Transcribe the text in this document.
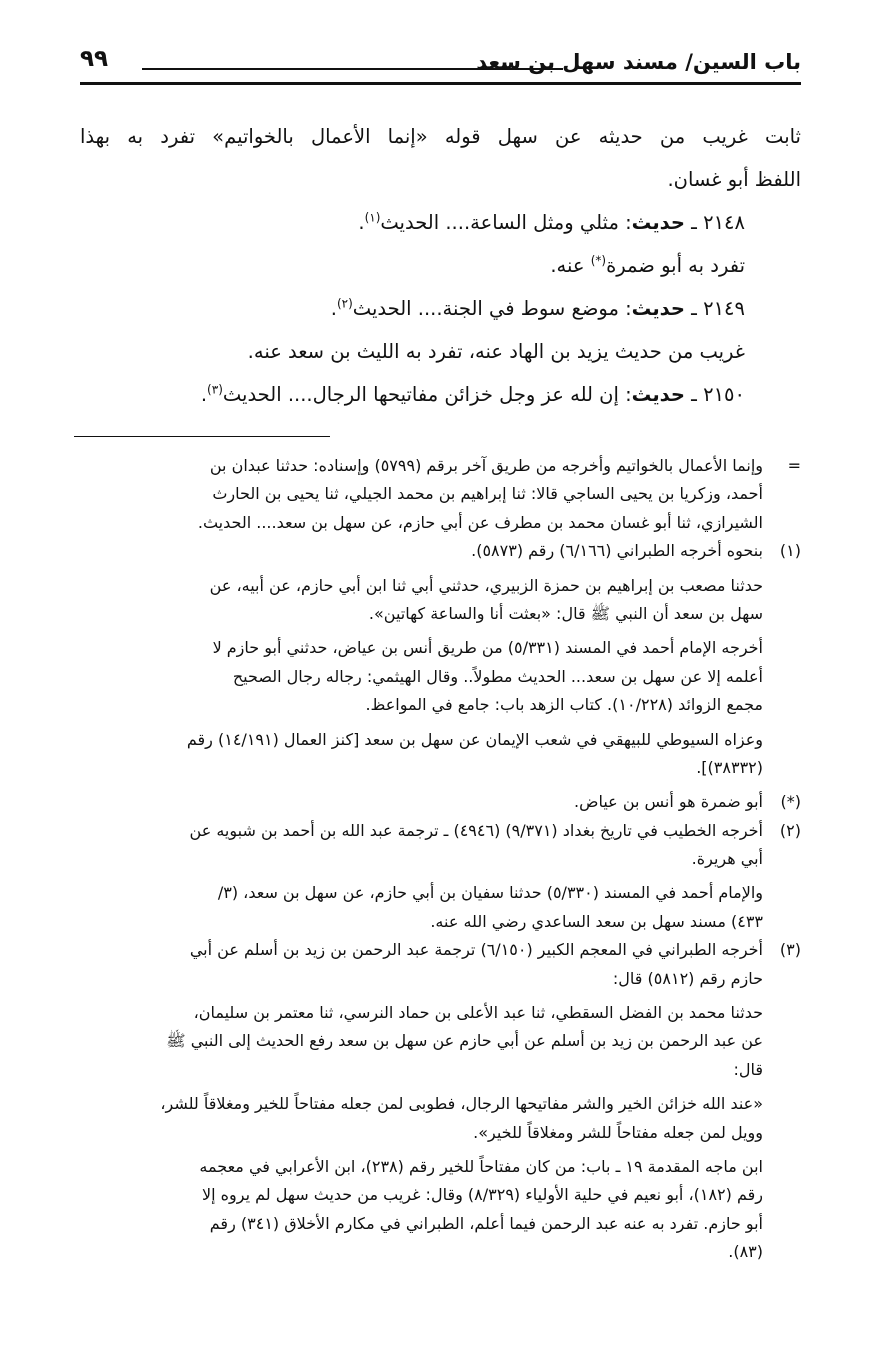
باب السين/ مسند سهل بن سعد
٩٩
ثابت غريب من حديثه عن سهل قوله «إنما الأعمال بالخواتيم» تفرد به بهذا
اللفظ أبو غسان.
٢١٤٨ ـ حديث: مثلي ومثل الساعة.... الحديث$^{(١)}$.
تفرد به أبو ضمرة(*) عنه.
٢١٤٩ ـ حديث: موضع سوط في الجنة.... الحديث$^{(٢)}$.
غريب من حديث يزيد بن الهاد عنه، تفرد به الليث بن سعد عنه.
٢١٥٠ ـ حديث: إن لله عز وجل خزائن مفاتيحها الرجال.... الحديث$^{(٣)}$.
=
وإنما الأعمال بالخواتيم وأخرجه من طريق آخر برقم (٥٧٩٩) وإسناده: حدثنا عبدان بن
أحمد، وزكريا بن يحيى الساجي قالا: ثنا إبراهيم بن محمد الجيلي، ثنا يحيى بن الحارث
الشيرازي، ثنا أبو غسان محمد بن مطرف عن أبي حازم، عن سهل بن سعد.... الحديث.
(١)
بنحوه أخرجه الطبراني (٦/١٦٦) رقم (٥٨٧٣).
حدثنا مصعب بن إبراهيم بن حمزة الزبيري، حدثني أبي ثنا ابن أبي حازم، عن أبيه، عن
سهل بن سعد أن النبي ﷺ قال: «بعثت أنا والساعة كهاتين».
أخرجه الإمام أحمد في المسند (٥/٣٣١) من طريق أنس بن عياض، حدثني أبو حازم لا
أعلمه إلا عن سهل بن سعد... الحديث مطولاً.. وقال الهيثمي: رجاله رجال الصحيح
مجمع الزوائد (١٠/٢٢٨). كتاب الزهد باب: جامع في المواعظ.
وعزاه السيوطي للبيهقي في شعب الإيمان عن سهل بن سعد [كنز العمال (١٤/١٩١) رقم
(٣٨٣٣٢)].
(*)
أبو ضمرة هو أنس بن عياض.
(٢)
أخرجه الخطيب في تاريخ بغداد (٩/٣٧١) (٤٩٤٦) ـ ترجمة عبد الله بن أحمد بن شبويه عن
أبي هريرة.
والإمام أحمد في المسند (٥/٣٣٠) حدثنا سفيان بن أبي حازم، عن سهل بن سعد، (٣/
٤٣٣) مسند سهل بن سعد الساعدي رضي الله عنه.
(٣)
أخرجه الطبراني في المعجم الكبير (٦/١٥٠) ترجمة عبد الرحمن بن زيد بن أسلم عن أبي
حازم رقم (٥٨١٢) قال:
حدثنا محمد بن الفضل السقطي، ثنا عبد الأعلى بن حماد النرسي، ثنا معتمر بن سليمان،
عن عبد الرحمن بن زيد بن أسلم عن أبي حازم عن سهل بن سعد رفع الحديث إلى النبي ﷺ
قال:
«عند الله خزائن الخير والشر مفاتيحها الرجال، فطوبى لمن جعله مفتاحاً للخير ومغلاقاً للشر،
وويل لمن جعله مفتاحاً للشر ومغلاقاً للخير».
ابن ماجه المقدمة ١٩ ـ باب: من كان مفتاحاً للخير رقم (٢٣٨)، ابن الأعرابي في معجمه
رقم (١٨٢)، أبو نعيم في حلية الأولياء (٨/٣٢٩) وقال: غريب من حديث سهل لم يروه إلا
أبو حازم. تفرد به عنه عبد الرحمن فيما أعلم، الطبراني في مكارم الأخلاق (٣٤١) رقم
(٨٣).
